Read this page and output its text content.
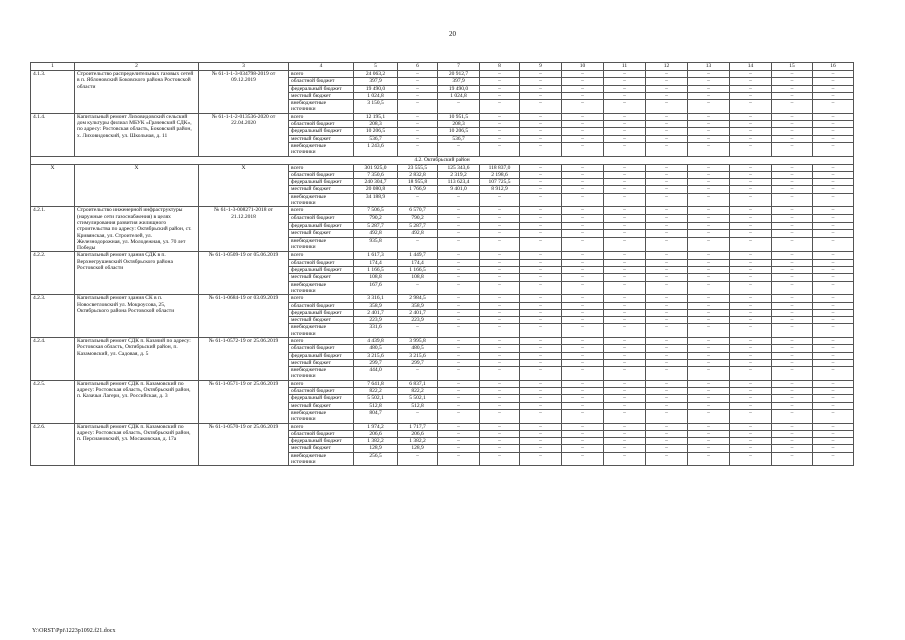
20
1	2	3	4	5	6	7	8	9	10	11	12	13	14	15	16
4.1.3.	Строительство распределительных газовых сетей в п. Яблоновский Боковского района Ростовской области	№ 61-1-1-3-034798-2019 от 09.12.2019	всего	24 063,2	–	20 912,7	–	–	–	–	–	–	–	–	–
			областной бюджет	397,9	–	397,9	–	–	–	–	–	–	–	–	–
			федеральный бюджет	19 490,0	–	19 490,0	–	–	–	–	–	–	–	–	–
			местный бюджет	1 024,8	–	1 024,8	–	–	–	–	–	–	–	–	–
			внебюджетные источники	3 150,5	–	–	–	–	–	–	–	–	–	–	–
4.1.4.	Капитальный ремонт Лиховидовский сельский дом культуры филиал МБУК «Грачевский СДК», по адресу: Ростовская область, Боковский район, х. Лиховидовский, ул. Школьная, д. 11	№ 61-1-1-2-013536-2020 от 22.04.2020	всего	12 195,1	–	10 951,5	–	–	–	–	–	–	–	–	–
			областной бюджет	208,3	–	208,3	–	–	–	–	–	–	–	–	–
			федеральный бюджет	10 206,5	–	10 206,5	–	–	–	–	–	–	–	–	–
			местный бюджет	536,7	–	536,7	–	–	–	–	–	–	–	–	–
			внебюджетные источники	1 243,6	–	–	–	–	–	–	–	–	–	–	–
4.2. Октябрьский район															
X	X	X	всего	301 925,0	23 555,5	125 343,6	118 837,0	–	–	–	–	–	–	–	–
			областной бюджет	7 350,6	2 832,8	2 319,2	2 198,6	–	–	–	–	–	–	–	–
			федеральный бюджет	240 304,7	18 955,8	113 623,4	107 725,5	–	–	–	–	–	–	–	–
			местный бюджет	20 080,8	1 766,9	9 401,0	8 912,9	–	–	–	–	–	–	–	–
			внебюджетные источники	34 188,9	–	–	–	–	–	–	–	–	–	–	–
4.2.1.	Строительство инженерной инфраструктуры (наружные сети газоснабжения) в целях стимулирования развития жилищного строительства по адресу: Октябрьский район, ст. Кривянская, ул. Строителей, ул. Железнодорожная, ул. Молодежная, ул. 70 лет Победы	№ 61-1-3-008271-2018 от 21.12.2018	всего	7 506,5	6 570,7	–	–	–	–	–	–	–	–	–	–
			областной бюджет	790,2	790,2	–	–	–	–	–	–	–	–	–	–
			федеральный бюджет	5 287,7	5 287,7	–	–	–	–	–	–	–	–	–	–
			местный бюджет	492,8	492,8	–	–	–	–	–	–	–	–	–	–
			внебюджетные источники	935,8	–	–	–	–	–	–	–	–	–	–	–
4.2.2.	Капитальный ремонт здания СДК в п. Верхнегрушевский Октябрьского района Ростовской области	№ 61-1-0509-19 от 05.06.2019	всего	1 617,3	1 449,7	–	–	–	–	–	–	–	–	–	–
			областной бюджет	174,4	174,4	–	–	–	–	–	–	–	–	–	–
			федеральный бюджет	1 166,5	1 166,5	–	–	–	–	–	–	–	–	–	–
			местный бюджет	108,8	108,8	–	–	–	–	–	–	–	–	–	–
			внебюджетные источники	167,6	–	–	–	–	–	–	–	–	–	–	–
4.2.3.	Капитальный ремонт здания СК в п. Новосветловский ул. Мокроусова, 25, Октябрьского района Ростовской области	№ 61-1-0684-19 от 03.09.2019	всего	3 316,1	2 984,5	–	–	–	–	–	–	–	–	–	–
			областной бюджет	358,9	358,9	–	–	–	–	–	–	–	–	–	–
			федеральный бюджет	2 401,7	2 401,7	–	–	–	–	–	–	–	–	–	–
			местный бюджет	223,9	223,9	–	–	–	–	–	–	–	–	–	–
			внебюджетные источники	331,6	–	–	–	–	–	–	–	–	–	–	–
4.2.4.	Капитальный ремонт СДК п. Казачий по адресу: Ростовская область, Октябрьский район, п. Казамовский, ул. Садовая, д. 5	№ 61-1-0572-19 от 25.06.2019	всего	4 439,8	3 995,8	–	–	–	–	–	–	–	–	–	–
			областной бюджет	480,5	480,5	–	–	–	–	–	–	–	–	–	–
			федеральный бюджет	3 215,6	3 215,6	–	–	–	–	–	–	–	–	–	–
			местный бюджет	299,7	299,7	–	–	–	–	–	–	–	–	–	–
			внебюджетные источники	444,0	–	–	–	–	–	–	–	–	–	–	–
4.2.5.	Капитальный ремонт СДК п. Казамовский по адресу: Ростовская область, Октябрьский район, п. Казачьи Лагери, ул. Российская, д. 3	№ 61-1-0571-19 от 25.06.2019	всего	7 641,8	6 837,1	–	–	–	–	–	–	–	–	–	–
			областной бюджет	822,2	822,2	–	–	–	–	–	–	–	–	–	–
			федеральный бюджет	5 502,1	5 502,1	–	–	–	–	–	–	–	–	–	–
			местный бюджет	512,8	512,8	–	–	–	–	–	–	–	–	–	–
			внебюджетные источники	804,7	–	–	–	–	–	–	–	–	–	–	–
4.2.6.	Капитальный ремонт СДК п. Казамовский по адресу: Ростовская область, Октябрьский район, п. Персиановский, ул. Мосаковская, д. 17а	№ 61-1-0570-19 от 25.06.2019	всего	1 974,2	1 717,7	–	–	–	–	–	–	–	–	–	–
			областной бюджет	206,6	206,6	–	–	–	–	–	–	–	–	–	–
			федеральный бюджет	1 382,2	1 382,2	–	–	–	–	–	–	–	–	–	–
			местный бюджет	128,9	128,9	–	–	–	–	–	–	–	–	–	–
			внебюджетные источники	256,5	–	–	–	–	–	–	–	–	–	–	–
Y:\ORST\Ppi\1223p1092.f21.docx
